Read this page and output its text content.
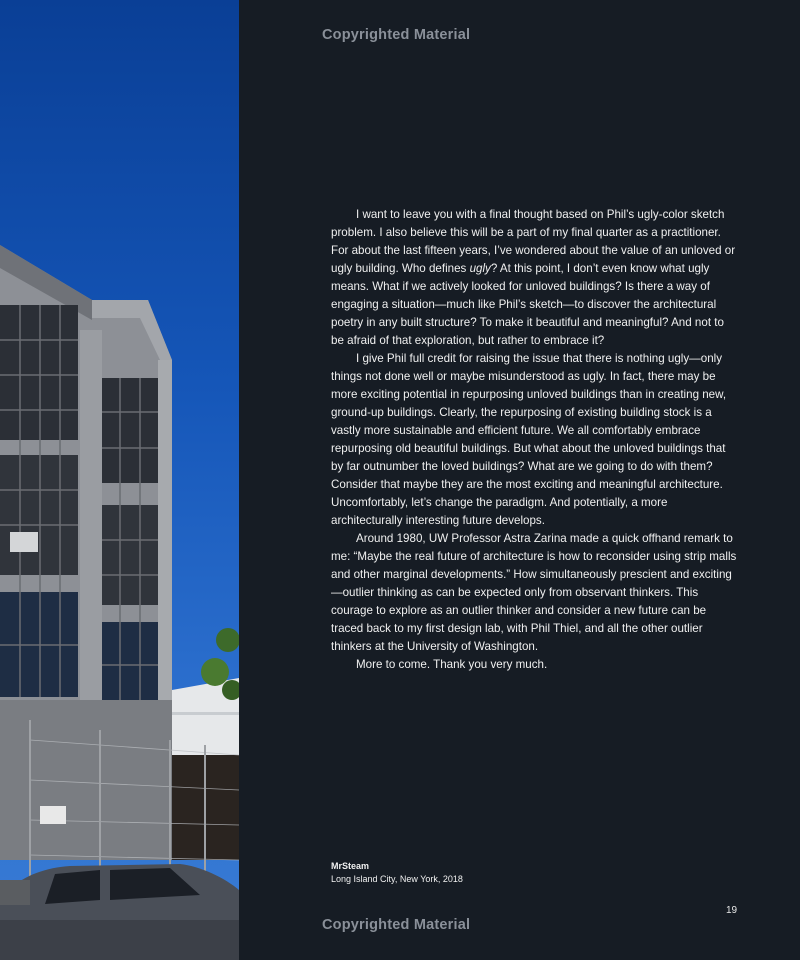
Copyrighted Material

I want to leave you with a final thought based on Phil’s ugly-color sketch problem. I also believe this will be a part of my final quarter as a practitioner. For about the last fifteen years, I’ve wondered about the value of an unloved or ugly building. Who defines ugly? At this point, I don’t even know what ugly means. What if we actively looked for unloved buildings? Is there a way of engaging a situation—much like Phil’s sketch—to discover the architectural poetry in any built structure? To make it beautiful and meaningful? And not to be afraid of that exploration, but rather to embrace it?

I give Phil full credit for raising the issue that there is nothing ugly—only things not done well or maybe misunderstood as ugly. In fact, there may be more exciting potential in repurposing unloved buildings than in creating new, ground-up buildings. Clearly, the repurposing of existing building stock is a vastly more sustainable and efficient future. We all comfortably embrace repurposing old beautiful buildings. But what about the unloved buildings that by far outnumber the loved buildings? What are we going to do with them? Consider that maybe they are the most exciting and meaningful architecture. Uncomfortably, let’s change the paradigm. And potentially, a more architecturally interesting future develops.

Around 1980, UW Professor Astra Zarina made a quick offhand remark to me: “Maybe the real future of architecture is how to reconsider using strip malls and other marginal developments.” How simultaneously prescient and exciting—outlier thinking as can be expected only from observant thinkers. This courage to explore as an outlier thinker and consider a new future can be traced back to my first design lab, with Phil Thiel, and all the other outlier thinkers at the University of Washington.

More to come. Thank you very much.

MrSteam
Long Island City, New York, 2018
19
Copyrighted Material
